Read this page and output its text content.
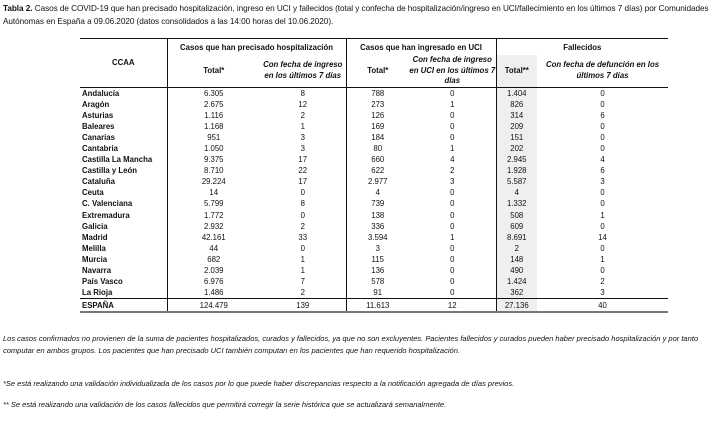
Tabla 2. Casos de COVID-19 que han precisado hospitalización, ingreso en UCI y fallecidos (total y confecha de hospitalización/ingreso en UCI/fallecimiento en los últimos 7 días) por Comunidades Autónomas en España a 09.06.2020 (datos consolidados a las 14:00 horas del 10.06.2020).
CCAA	Casos que han precisado hospitalización		Casos que han ingresado en UCI		Fallecidos	
	Total*	Con fecha de ingreso en los últimos 7 días	Total*	Con fecha de ingreso en UCI en los últimos 7 días	Total**	Con fecha de defunción en los últimos 7 días
Andalucía	6.305	8	788	0	1.404	0
Aragón	2.675	12	273	1	826	0
Asturias	1.116	2	126	0	314	6
Baleares	1.168	1	169	0	209	0
Canarias	951	3	184	0	151	0
Cantabria	1.050	3	80	1	202	0
Castilla La Mancha	9.375	17	660	4	2.945	4
Castilla y León	8.710	22	622	2	1.928	6
Cataluña	29.224	17	2.977	3	5.587	3
Ceuta	14	0	4	0	4	0
C. Valenciana	5.799	8	739	0	1.332	0
Extremadura	1.772	0	138	0	508	1
Galicia	2.932	2	336	0	609	0
Madrid	42.161	33	3.594	1	8.691	14
Melilla	44	0	3	0	2	0
Murcia	682	1	115	0	148	1
Navarra	2.039	1	136	0	490	0
País Vasco	6.976	7	578	0	1.424	2
La Rioja	1.486	2	91	0	362	3
ESPAÑA	124.479	139	11.613	12	27.136	40
Los casos confirmados no provienen de la suma de pacientes hospitalizados, curados y fallecidos, ya que no son excluyentes. Pacientes fallecidos y curados pueden haber precisado hospitalización y por tanto computar en ambos grupos. Los pacientes que han precisado UCI también computan en los pacientes que han requerido hospitalización.
*Se está realizando una validación individualizada de los casos por lo que puede haber discrepancias respecto a la notificación agregada de días previos.
** Se está realizando una validación de los casos fallecidos que permitirá corregir la serie histórica que se actualizará semanalmente.
